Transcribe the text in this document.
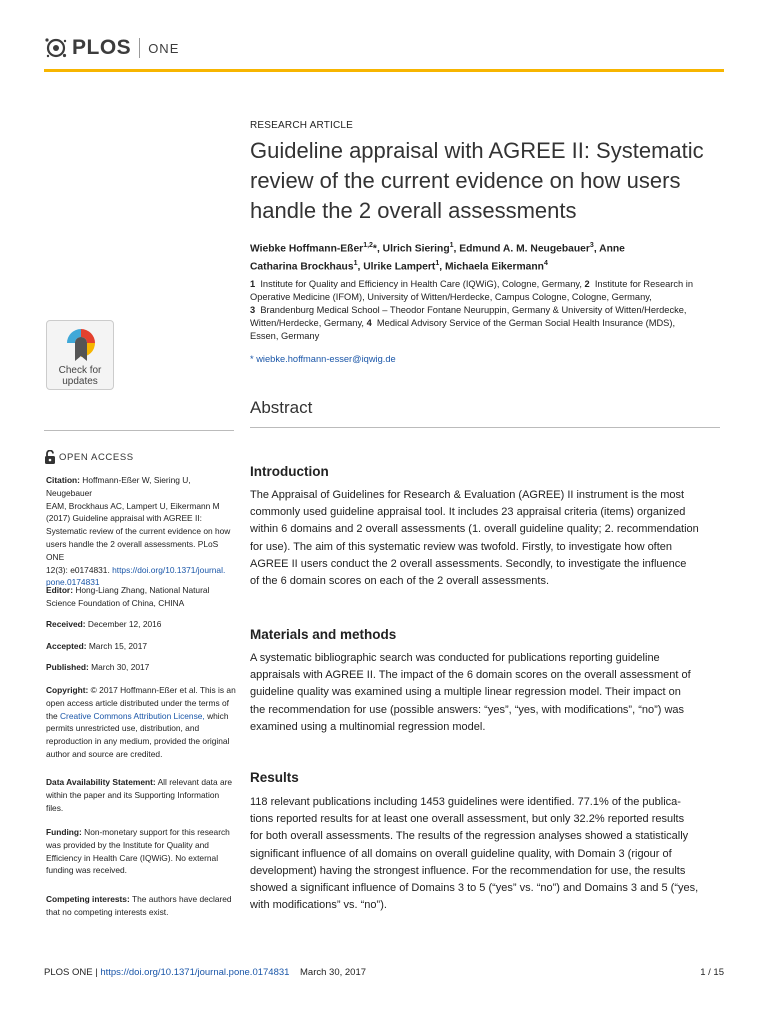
PLOS ONE
RESEARCH ARTICLE
Guideline appraisal with AGREE II: Systematic
review of the current evidence on how users
handle the 2 overall assessments
Wiebke Hoffmann-Eßer$^{1,2}$*, Ulrich Siering$^1$, Edmund A. M. Neugebauer$^3$, Anne
Catharina Brockhaus$^1$, Ulrike Lampert$^1$, Michaela Eikermann$^4$
1 Institute for Quality and Efficiency in Health Care (IQWiG), Cologne, Germany, 2 Institute for Research in
Operative Medicine (IFOM), University of Witten/Herdecke, Campus Cologne, Cologne, Germany,
3  Brandenburg Medical School – Theodor Fontane Neuruppin, Germany & University of Witten/Herdecke,
Witten/Herdecke, Germany, 4  Medical Advisory Service of the German Social Health Insurance (MDS),
Essen, Germany
* wiebke.hoffmann-esser@iqwig.de
Abstract
Introduction
The Appraisal of Guidelines for Research & Evaluation (AGREE) II instrument is the most
commonly used guideline appraisal tool. It includes 23 appraisal criteria (items) organized
within 6 domains and 2 overall assessments (1. overall guideline quality; 2. recommendation
for use). The aim of this systematic review was twofold. Firstly, to investigate how often
AGREE II users conduct the 2 overall assessments. Secondly, to investigate the influence
of the 6 domain scores on each of the 2 overall assessments.
Materials and methods
A systematic bibliographic search was conducted for publications reporting guideline
appraisals with AGREE II. The impact of the 6 domain scores on the overall assessment of
guideline quality was examined using a multiple linear regression model. Their impact on
the recommendation for use (possible answers: “yes”, “yes, with modifications”, “no”) was
examined using a multinomial regression model.
Results
118 relevant publications including 1453 guidelines were identified. 77.1% of the publica-
tions reported results for at least one overall assessment, but only 32.2% reported results
for both overall assessments. The results of the regression analyses showed a statistically
significant influence of all domains on overall guideline quality, with Domain 3 (rigour of
development) having the strongest influence. For the recommendation for use, the results
showed a significant influence of Domains 3 to 5 (“yes” vs. “no”) and Domains 3 and 5 (“yes,
with modifications” vs. “no”).
Check for
updates
OPEN ACCESS
Citation: Hoffmann-Eßer W, Siering U, Neugebauer
EAM, Brockhaus AC, Lampert U, Eikermann M
(2017) Guideline appraisal with AGREE II:
Systematic review of the current evidence on how
users handle the 2 overall assessments. PLoS ONE
12(3): e0174831. https://doi.org/10.1371/journal.
pone.0174831
Editor: Hong-Liang Zhang, National Natural
Science Foundation of China, CHINA
Received: December 12, 2016
Accepted: March 15, 2017
Published: March 30, 2017
Copyright: © 2017 Hoffmann-Eßer et al. This is an
open access article distributed under the terms of
the Creative Commons Attribution License, which
permits unrestricted use, distribution, and
reproduction in any medium, provided the original
author and source are credited.
Data Availability Statement: All relevant data are
within the paper and its Supporting Information
files.
Funding: Non-monetary support for this research
was provided by the Institute for Quality and
Efficiency in Health Care (IQWiG). No external
funding was received.
Competing interests: The authors have declared
that no competing interests exist.
PLOS ONE | https://doi.org/10.1371/journal.pone.0174831 March 30, 2017	1 / 15
